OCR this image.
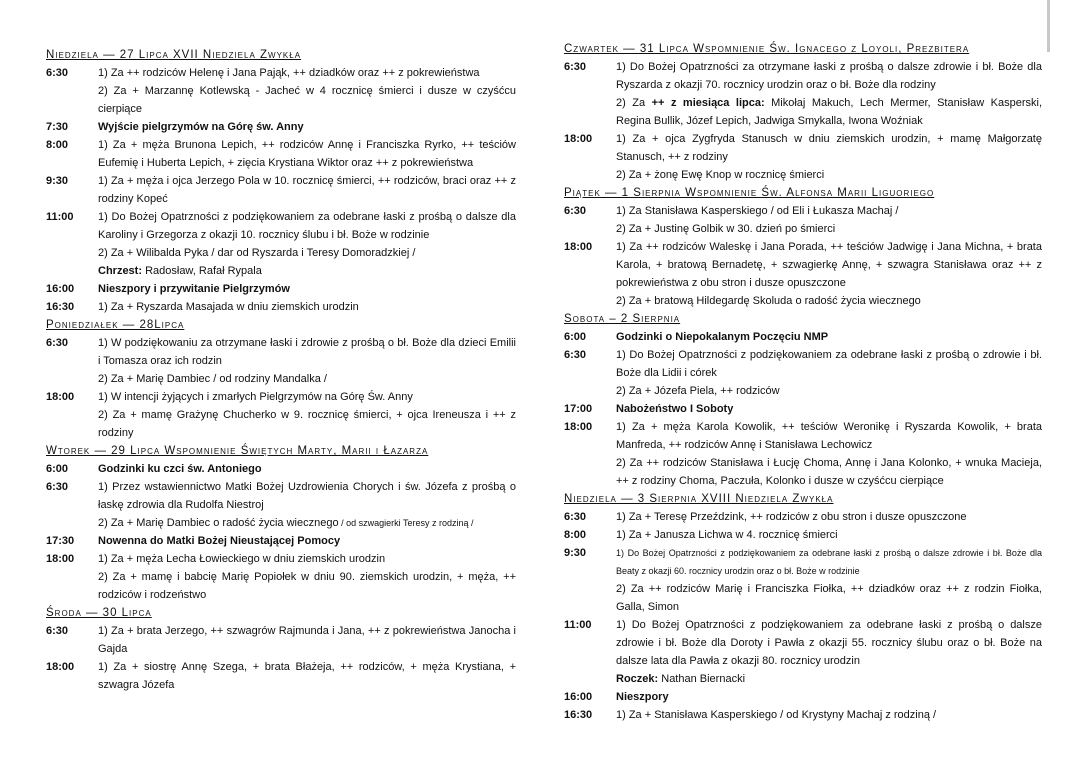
Niedziela — 27 Lipca XVII Niedziela Zwykła
6:30	1) Za ++ rodziców Helenę i Jana Pająk, ++ dziadków oraz ++ z pokrewieństwa
2) Za + Marzannę Kotlewską - Jacheć w 4 rocznicę śmierci i dusze w czyśćcu cierpiące
7:30	Wyjście pielgrzymów na Górę św. Anny
8:00	1) Za + męża Brunona Lepich, ++ rodziców Annę i Franciszka Ryrko, ++ teściów Eufemię i Huberta Lepich, + zięcia Krystiana Wiktor oraz ++ z pokrewieństwa
9:30	1) Za + męża i ojca Jerzego Pola w 10. rocznicę śmierci, ++ rodziców, braci oraz ++ z rodziny Kopeć
11:00	1) Do Bożej Opatrzności z podziękowaniem za odebrane łaski z prośbą o dalsze dla Karoliny i Grzegorza z okazji 10. rocznicy ślubu i bł. Boże w rodzinie
2) Za + Wilibalda Pyka / dar od Ryszarda i Teresy Domoradzkiej /
Chrzest: Radosław, Rafał Rypala
16:00	Nieszpory i przywitanie Pielgrzymów
16:30	1) Za + Ryszarda Masajada w dniu ziemskich urodzin
Poniedziałek — 28Lipca
6:30	1) W podziękowaniu za otrzymane łaski i zdrowie z prośbą o bł. Boże dla dzieci Emilii i Tomasza oraz ich rodzin
2) Za + Marię Dambiec / od rodziny Mandalka /
18:00	1) W intencji żyjących i zmarłych Pielgrzymów na Górę Św. Anny
2) Za + mamę Grażynę Chucherko w 9. rocznicę śmierci, + ojca Ireneusza i ++ z rodziny
Wtorek — 29 Lipca Wspomnienie Świętych Marty, Marii i Łazarza
6:00	Godzinki ku czci św. Antoniego
6:30	1) Przez wstawiennictwo Matki Bożej Uzdrowienia Chorych i św. Józefa z prośbą o łaskę zdrowia dla Rudolfa Niestroj
2) Za + Marię Dambiec o radość życia wiecznego / od szwagierki Teresy z rodziną /
17:30	Nowenna do Matki Bożej Nieustającej Pomocy
18:00	1) Za + męża Lecha Łowieckiego w dniu ziemskich urodzin
2) Za + mamę i babcię Marię Popiołek w dniu 90. ziemskich urodzin, + męża, ++ rodziców i rodzeństwo
Środa — 30 Lipca
6:30	1) Za + brata Jerzego, ++ szwagrów Rajmunda i Jana, ++ z pokrewieństwa Janocha i Gajda
18:00	1) Za + siostrę Annę Szega, + brata Błażeja, ++ rodziców, + męża Krystiana, + szwagra Józefa
Czwartek — 31 Lipca Wspomnienie Św. Ignacego z Loyoli, Prezbitera
6:30	1) Do Bożej Opatrzności za otrzymane łaski z prośbą o dalsze zdrowie i bł. Boże dla Ryszarda z okazji 70. rocznicy urodzin oraz o bł. Boże dla rodziny
2) Za ++ z miesiąca lipca: Mikołaj Makuch, Lech Mermer, Stanisław Kasperski, Regina Bullik, Józef Lepich, Jadwiga Smykalla, Iwona Woźniak
18:00	1) Za + ojca Zygfryda Stanusch w dniu ziemskich urodzin, + mamę Małgorzatę Stanusch, ++ z rodziny
2) Za + żonę Ewę Knop w rocznicę śmierci
Piątek — 1 Sierpnia Wspomnienie Św. Alfonsa Marii Liguoriego
6:30	1) Za Stanisława Kasperskiego / od Eli i Łukasza Machaj /
2) Za + Justinę Golbik w 30. dzień po śmierci
18:00	1) Za ++ rodziców Waleskę i Jana Porada, ++ teściów Jadwigę i Jana Michna, + brata Karola, + bratową Bernadetę, + szwagierkę Annę, + szwagra Stanisława oraz ++ z pokrewieństwa z obu stron i dusze opuszczone
2) Za + bratową Hildegardę Skoluda o radość życia wiecznego
Sobota – 2 Sierpnia
6:00	Godzinki o Niepokalanym Poczęciu NMP
6:30	1) Do Bożej Opatrzności z podziękowaniem za odebrane łaski z prośbą o zdrowie i bł. Boże dla Lidii i córek
2) Za + Józefa Piela, ++ rodziców
17:00	Nabożeństwo I Soboty
18:00	1) Za + męża Karola Kowolik, ++ teściów Weronikę i Ryszarda Kowolik, + brata Manfreda, ++ rodziców Annę i Stanisława Lechowicz
2) Za ++ rodziców Stanisława i Łucję Choma, Annę i Jana Kolonko, + wnuka Macieja, ++ z rodziny Choma, Paczuła, Kolonko i dusze w czyśćcu cierpiące
Niedziela — 3 Sierpnia XVIII Niedziela Zwykła
6:30	1) Za + Teresę Przeździnk, ++ rodziców z obu stron i dusze opuszczone
8:00	1) Za + Janusza Lichwa w 4. rocznicę śmierci
9:30	1) Do Bożej Opatrzności z podziękowaniem za odebrane łaski z prośbą o dalsze zdrowie i bł. Boże dla Beaty z okazji 60. rocznicy urodzin oraz o bł. Boże w rodzinie
2) Za ++ rodziców Marię i Franciszka Fiołka, ++ dziadków oraz ++ z rodzin Fiołka, Galla, Simon
11:00	1) Do Bożej Opatrzności z podziękowaniem za odebrane łaski z prośbą o dalsze zdrowie i bł. Boże dla Doroty i Pawła z okazji 55. rocznicy ślubu oraz o bł. Boże na dalsze lata dla Pawła z okazji 80. rocznicy urodzin
Roczek: Nathan Biernacki
16:00	Nieszpory
16:30	1) Za + Stanisława Kasperskiego / od Krystyny Machaj z rodziną /
